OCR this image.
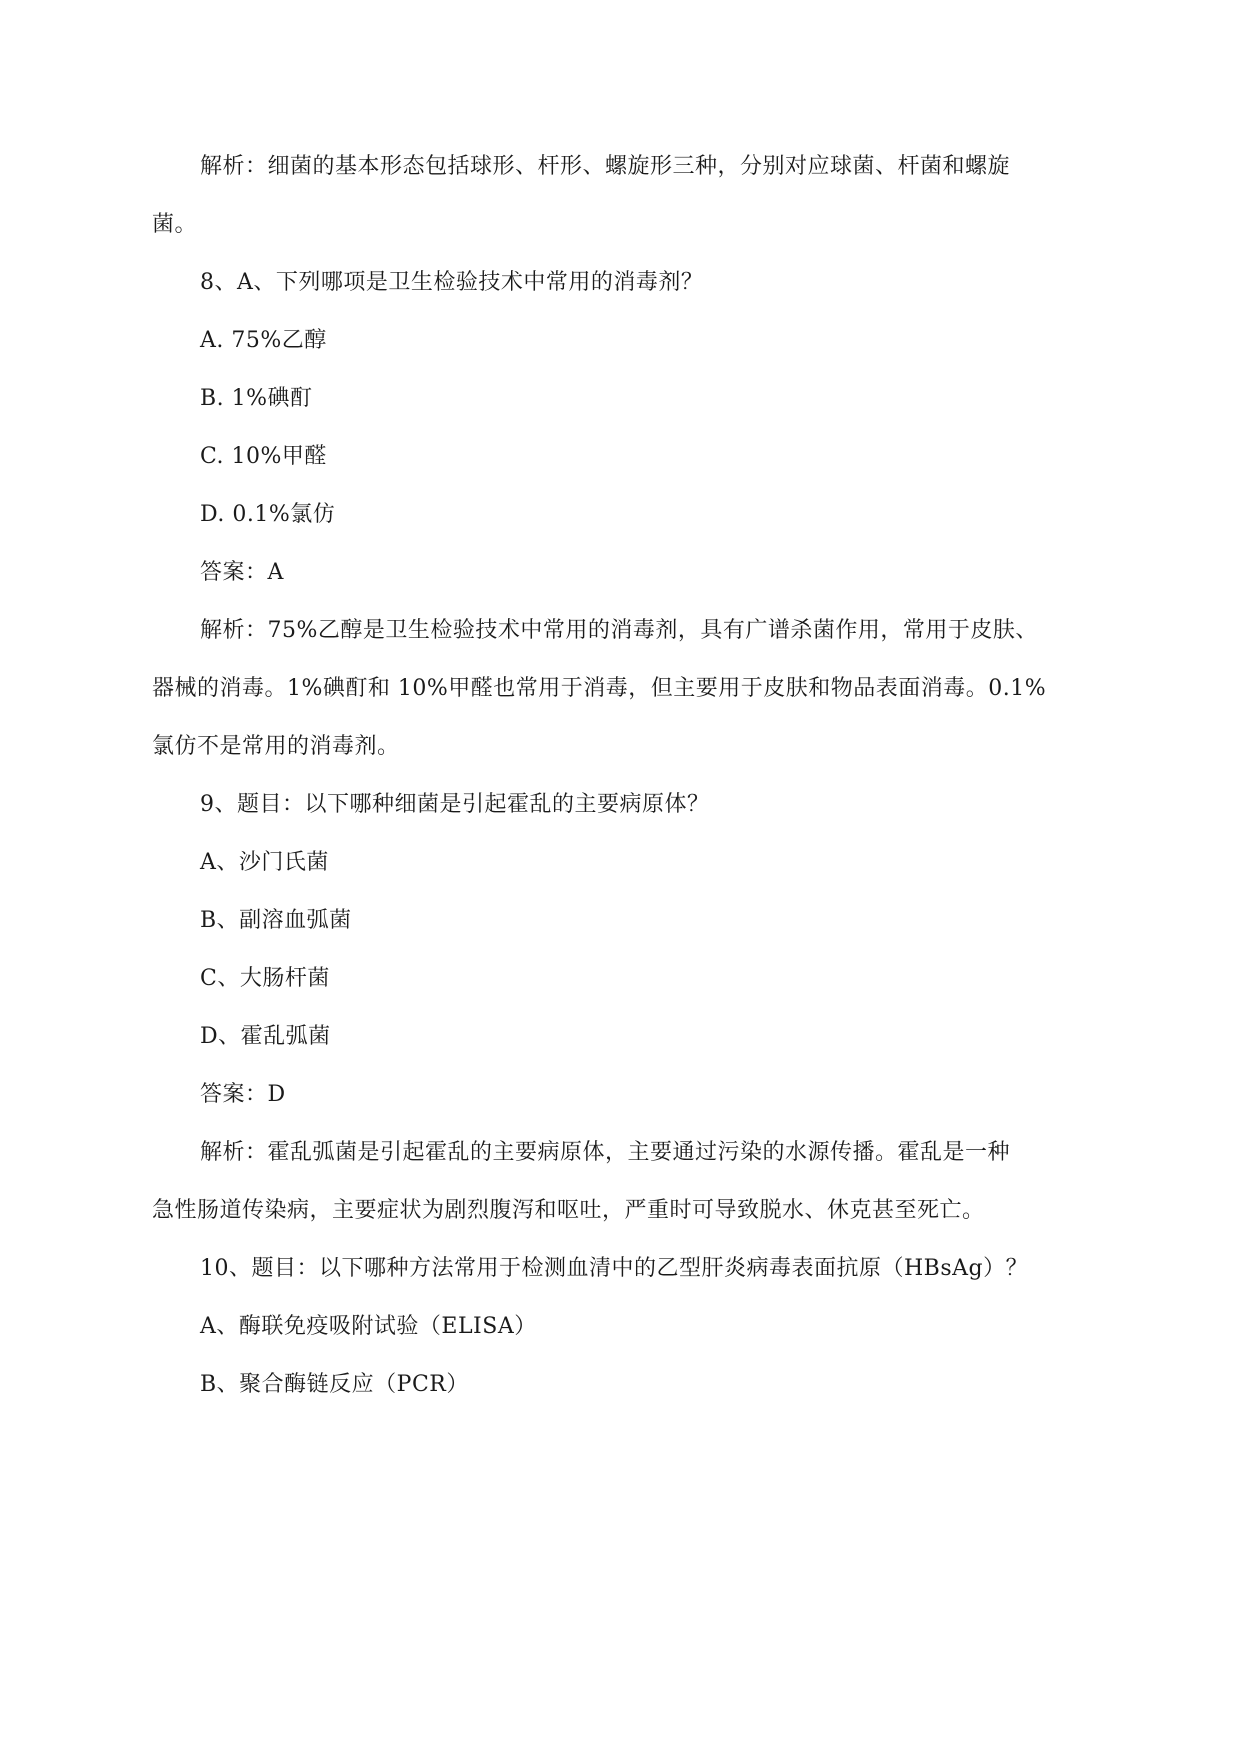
解析：细菌的基本形态包括球形、杆形、螺旋形三种，分别对应球菌、杆菌和螺旋
菌。
8、A、下列哪项是卫生检验技术中常用的消毒剂？
A. 75%乙醇
B. 1%碘酊
C. 10%甲醛
D. 0.1%氯仿
答案：A
解析：75%乙醇是卫生检验技术中常用的消毒剂，具有广谱杀菌作用，常用于皮肤、
器械的消毒。1%碘酊和 10%甲醛也常用于消毒，但主要用于皮肤和物品表面消毒。0.1%
氯仿不是常用的消毒剂。
9、题目：以下哪种细菌是引起霍乱的主要病原体？
A、沙门氏菌
B、副溶血弧菌
C、大肠杆菌
D、霍乱弧菌
答案：D
解析：霍乱弧菌是引起霍乱的主要病原体，主要通过污染的水源传播。霍乱是一种
急性肠道传染病，主要症状为剧烈腹泻和呕吐，严重时可导致脱水、休克甚至死亡。
10、题目：以下哪种方法常用于检测血清中的乙型肝炎病毒表面抗原（HBsAg）？
A、酶联免疫吸附试验（ELISA）
B、聚合酶链反应（PCR）
